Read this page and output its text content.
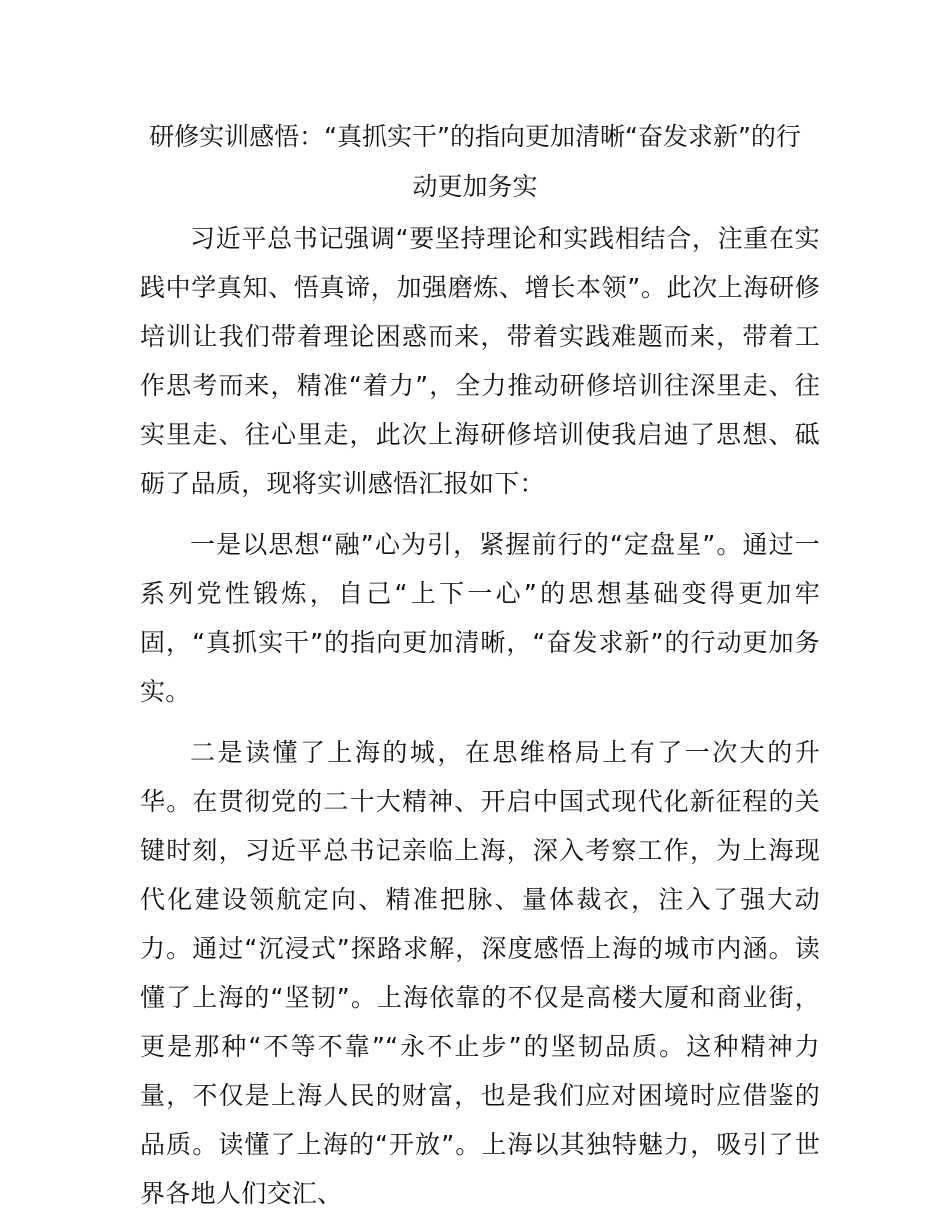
研修实训感悟：“真抓实干”的指向更加清晰“奋发求新”的行动更加务实

习近平总书记强调“要坚持理论和实践相结合，注重在实践中学真知、悟真谛，加强磨炼、增长本领”。此次上海研修培训让我们带着理论困惑而来，带着实践难题而来，带着工作思考而来，精准“着力”，全力推动研修培训往深里走、往实里走、往心里走，此次上海研修培训使我启迪了思想、砥砺了品质，现将实训感悟汇报如下：

一是以思想“融”心为引，紧握前行的“定盘星”。通过一系列党性锻炼，自己“上下一心”的思想基础变得更加牢固，“真抓实干”的指向更加清晰，“奋发求新”的行动更加务实。

二是读懂了上海的城，在思维格局上有了一次大的升华。在贯彻党的二十大精神、开启中国式现代化新征程的关键时刻，习近平总书记亲临上海，深入考察工作，为上海现代化建设领航定向、精准把脉、量体裁衣，注入了强大动力。通过“沉浸式”探路求解，深度感悟上海的城市内涵。读懂了上海的“坚韧”。上海依靠的不仅是高楼大厦和商业街，更是那种“不等不靠”“永不止步”的坚韧品质。这种精神力量，不仅是上海人民的财富，也是我们应对困境时应借鉴的品质。读懂了上海的“开放”。上海以其独特魅力，吸引了世界各地人们交汇、
